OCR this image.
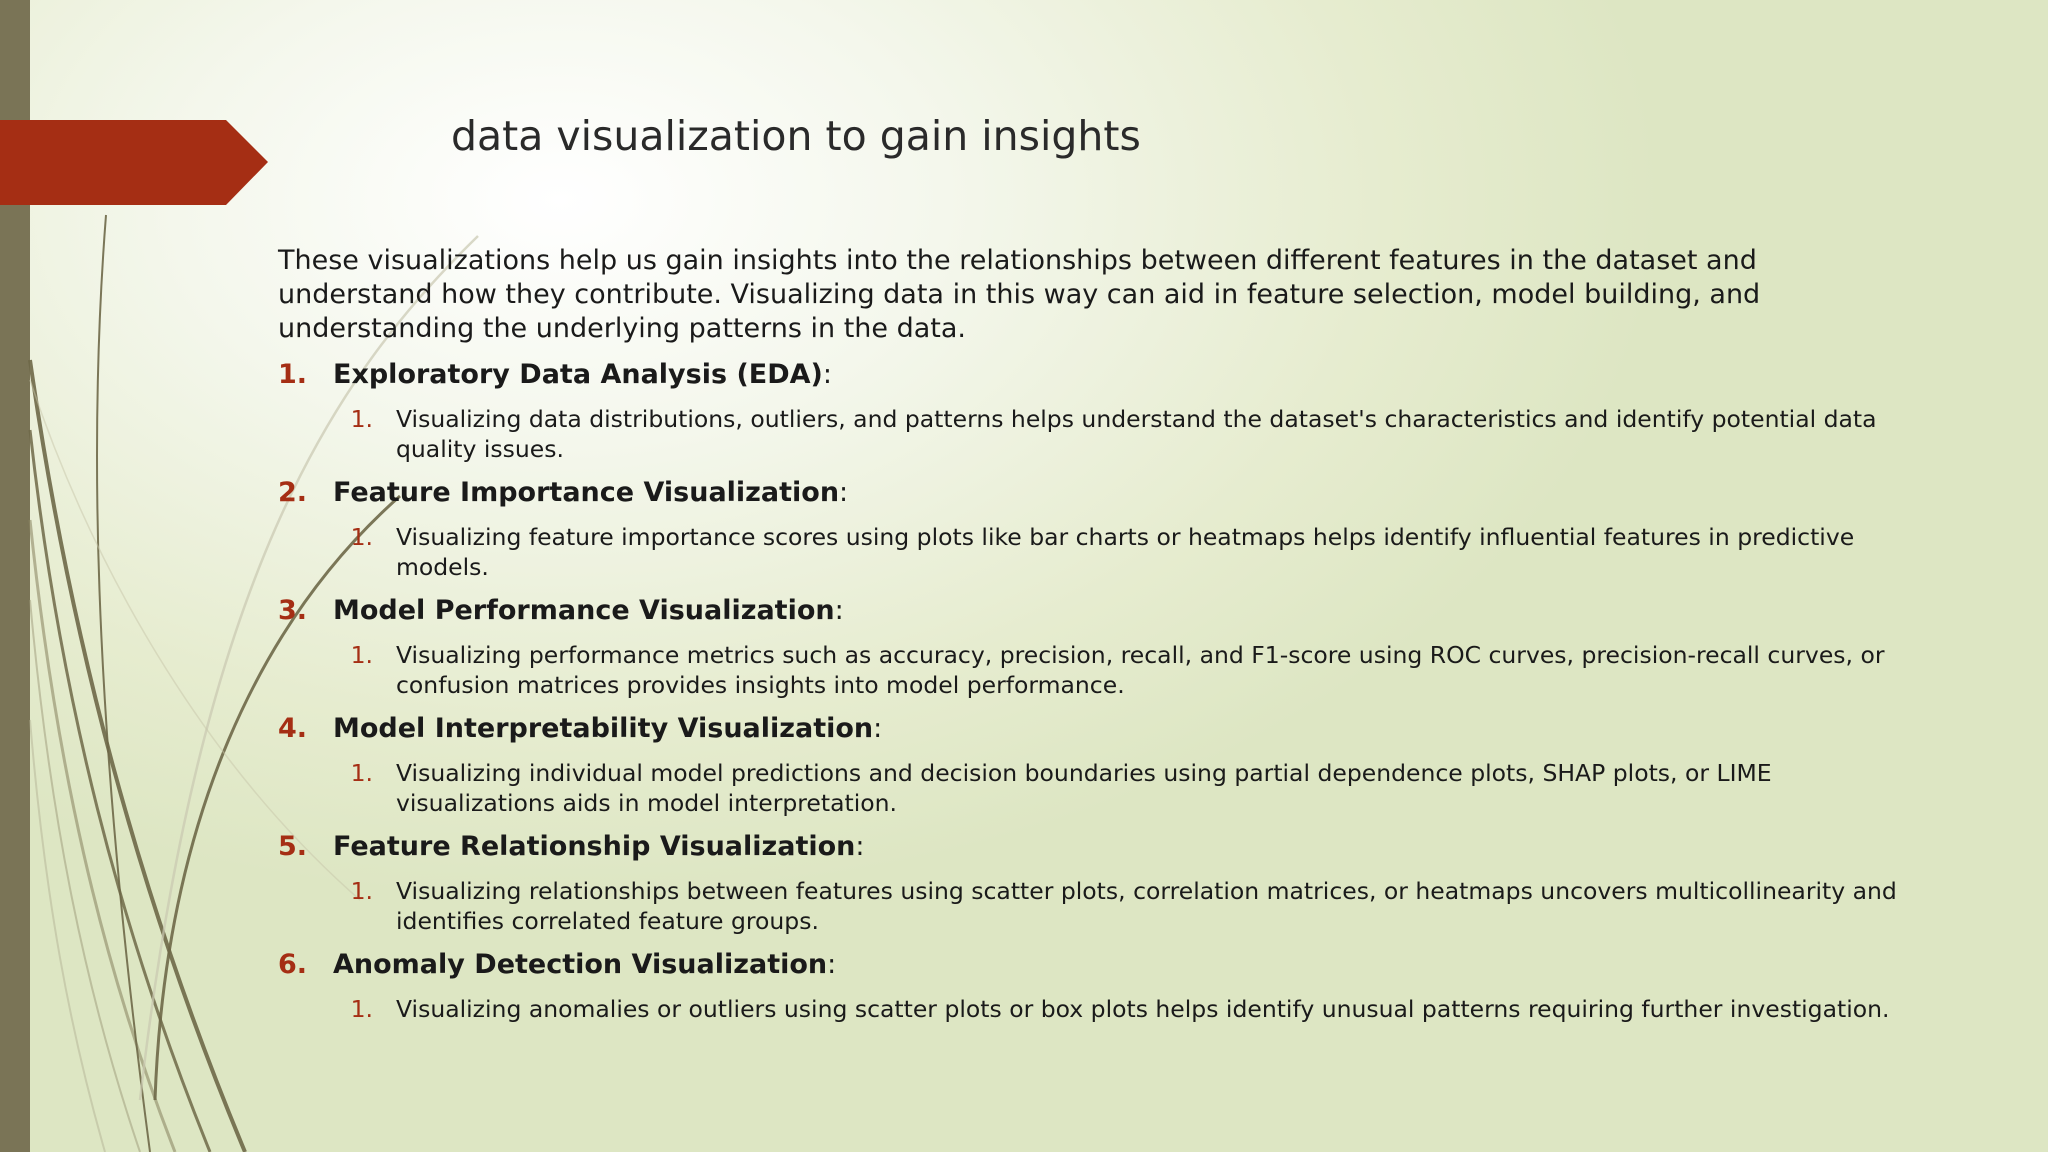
data visualization to gain insights

These visualizations help us gain insights into the relationships between different features in the dataset and understand how they contribute. Visualizing data in this way can aid in feature selection, model building, and understanding the underlying patterns in the data.

1. Exploratory Data Analysis (EDA):
1. Visualizing data distributions, outliers, and patterns helps understand the dataset's characteristics and identify potential data quality issues.
2. Feature Importance Visualization:
1. Visualizing feature importance scores using plots like bar charts or heatmaps helps identify influential features in predictive models.
3. Model Performance Visualization:
1. Visualizing performance metrics such as accuracy, precision, recall, and F1-score using ROC curves, precision-recall curves, or confusion matrices provides insights into model performance.
4. Model Interpretability Visualization:
1. Visualizing individual model predictions and decision boundaries using partial dependence plots, SHAP plots, or LIME visualizations aids in model interpretation.
5. Feature Relationship Visualization:
1. Visualizing relationships between features using scatter plots, correlation matrices, or heatmaps uncovers multicollinearity and identifies correlated feature groups.
6. Anomaly Detection Visualization:
1. Visualizing anomalies or outliers using scatter plots or box plots helps identify unusual patterns requiring further investigation.
